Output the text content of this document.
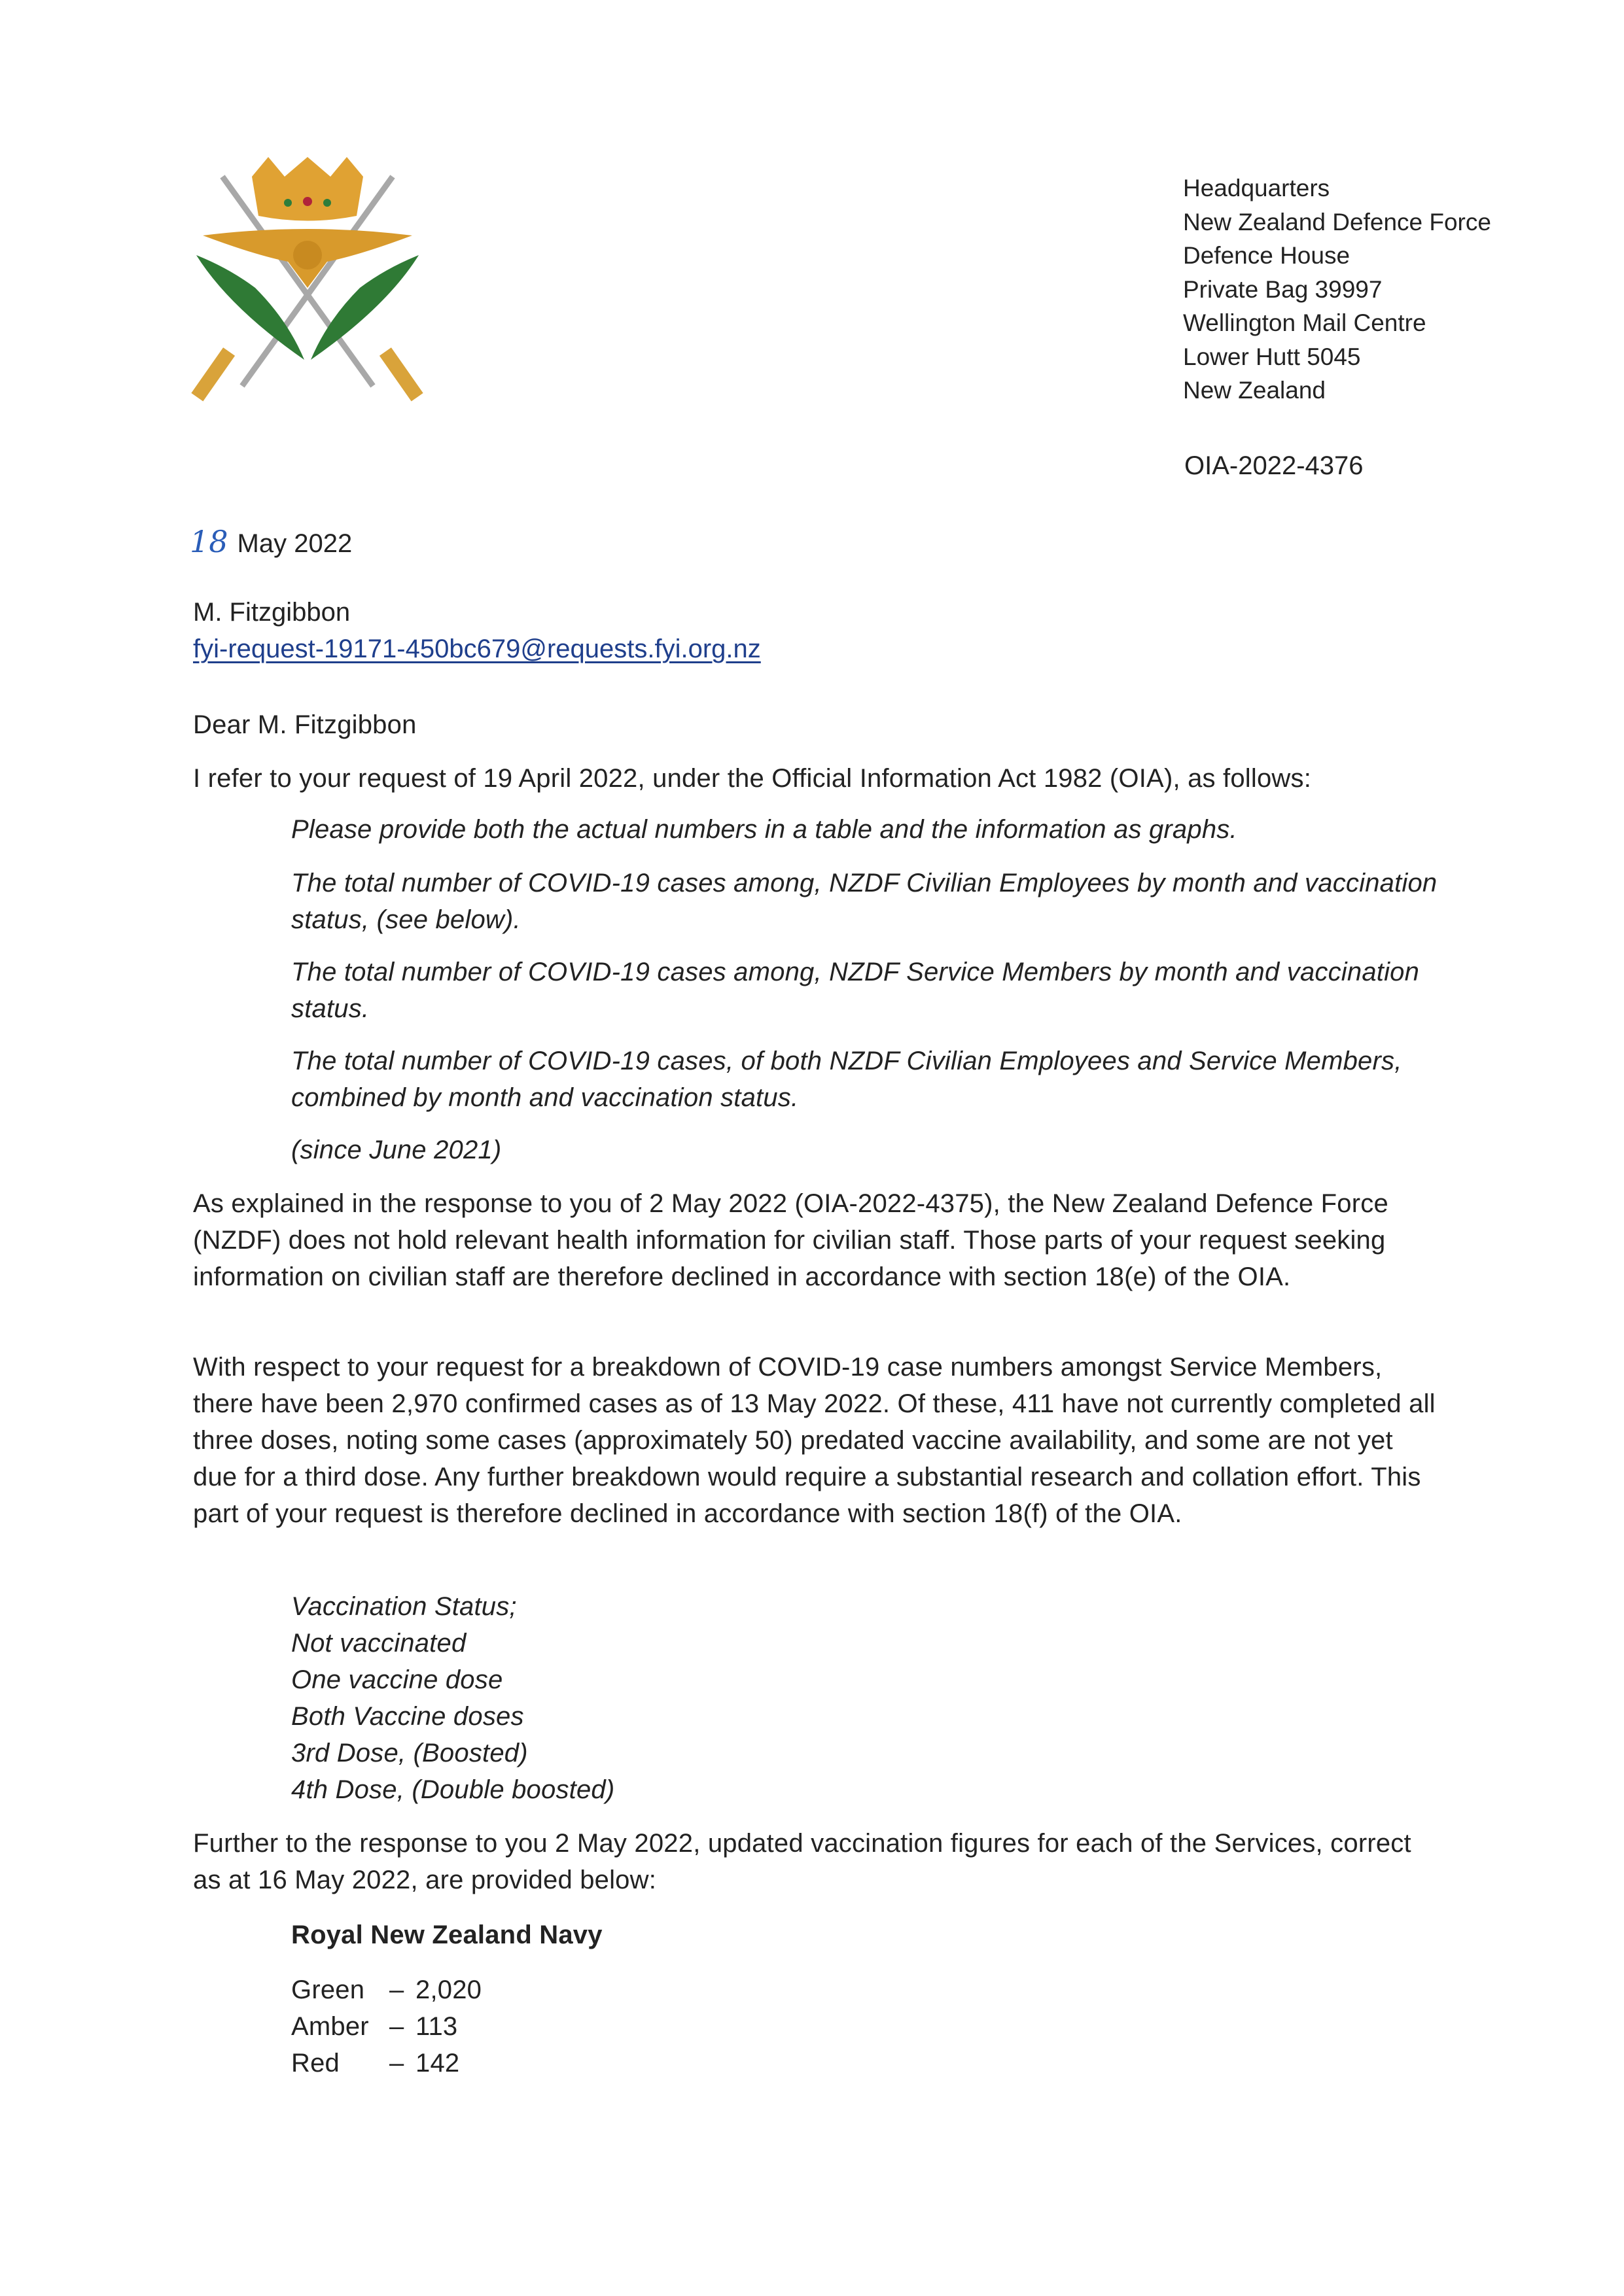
Headquarters
New Zealand Defence Force
Defence House
Private Bag 39997
Wellington Mail Centre
Lower Hutt 5045
New Zealand
OIA-2022-4376
18 May 2022
M. Fitzgibbon
fyi-request-19171-450bc679@requests.fyi.org.nz
Dear M. Fitzgibbon
I refer to your request of 19 April 2022, under the Official Information Act 1982 (OIA), as follows:
Please provide both the actual numbers in a table and the information as graphs.
The total number of COVID-19 cases among, NZDF Civilian Employees by month and vaccination status, (see below).
The total number of COVID-19 cases among, NZDF Service Members by month and vaccination status.
The total number of COVID-19 cases, of both NZDF Civilian Employees and Service Members, combined by month and vaccination status.
(since June 2021)
As explained in the response to you of 2 May 2022 (OIA-2022-4375), the New Zealand Defence Force (NZDF) does not hold relevant health information for civilian staff. Those parts of your request seeking information on civilian staff are therefore declined in accordance with section 18(e) of the OIA.
With respect to your request for a breakdown of COVID-19 case numbers amongst Service Members, there have been 2,970 confirmed cases as of 13 May 2022. Of these, 411 have not currently completed all three doses, noting some cases (approximately 50) predated vaccine availability, and some are not yet due for a third dose. Any further breakdown would require a substantial research and collation effort. This part of your request is therefore declined in accordance with section 18(f) of the OIA.
Vaccination Status;
Not vaccinated
One vaccine dose
Both Vaccine doses
3rd Dose, (Boosted)
4th Dose, (Double boosted)
Further to the response to you 2 May 2022, updated vaccination figures for each of the Services, correct as at 16 May 2022, are provided below:
Royal New Zealand Navy
Green – 2,020
Amber – 113
Red	– 142
